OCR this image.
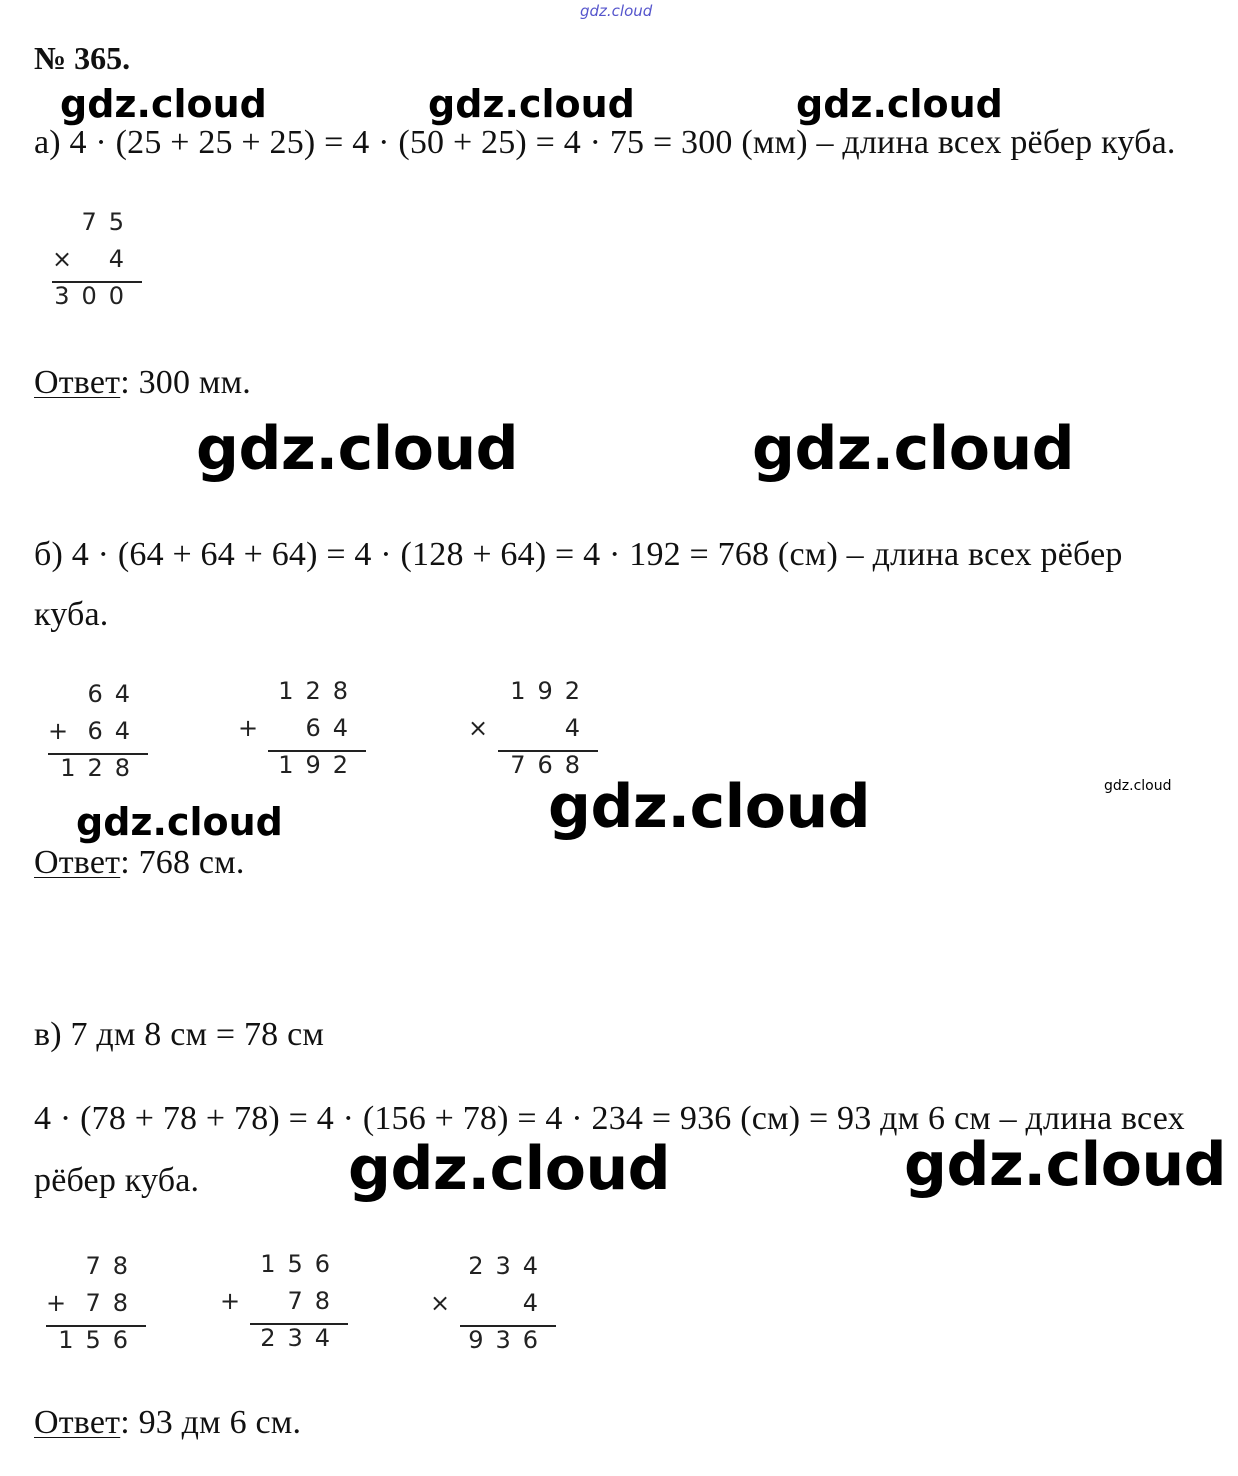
gdz.cloud
№ 365.
gdz.cloud	gdz.cloud	gdz.cloud
а) 4 · (25 + 25 + 25) = 4 · (50 + 25) = 4 · 75 = 300 (мм) – длина всех рёбер куба.
75
× 4
300
Ответ: 300 мм.
gdz.cloud	gdz.cloud
б) 4 · (64 + 64 + 64) = 4 · (128 + 64) = 4 · 192 = 768 (см) – длина всех рёбер
куба.
64
+ 64
128
128
+ 64
192
192
×	4
768
gdz.cloud
gdz.cloud
gdz.cloud
Ответ: 768 см.
в) 7 дм 8 см = 78 см
4 · (78 + 78 + 78) = 4 · (156 + 78) = 4 · 234 = 936 (см) = 93 дм 6 см – длина всех
рёбер куба. gdz.cloud	gdz.cloud
78
+ 78
156
156
+ 78
234
234
×	4
936
Ответ: 93 дм 6 см.
